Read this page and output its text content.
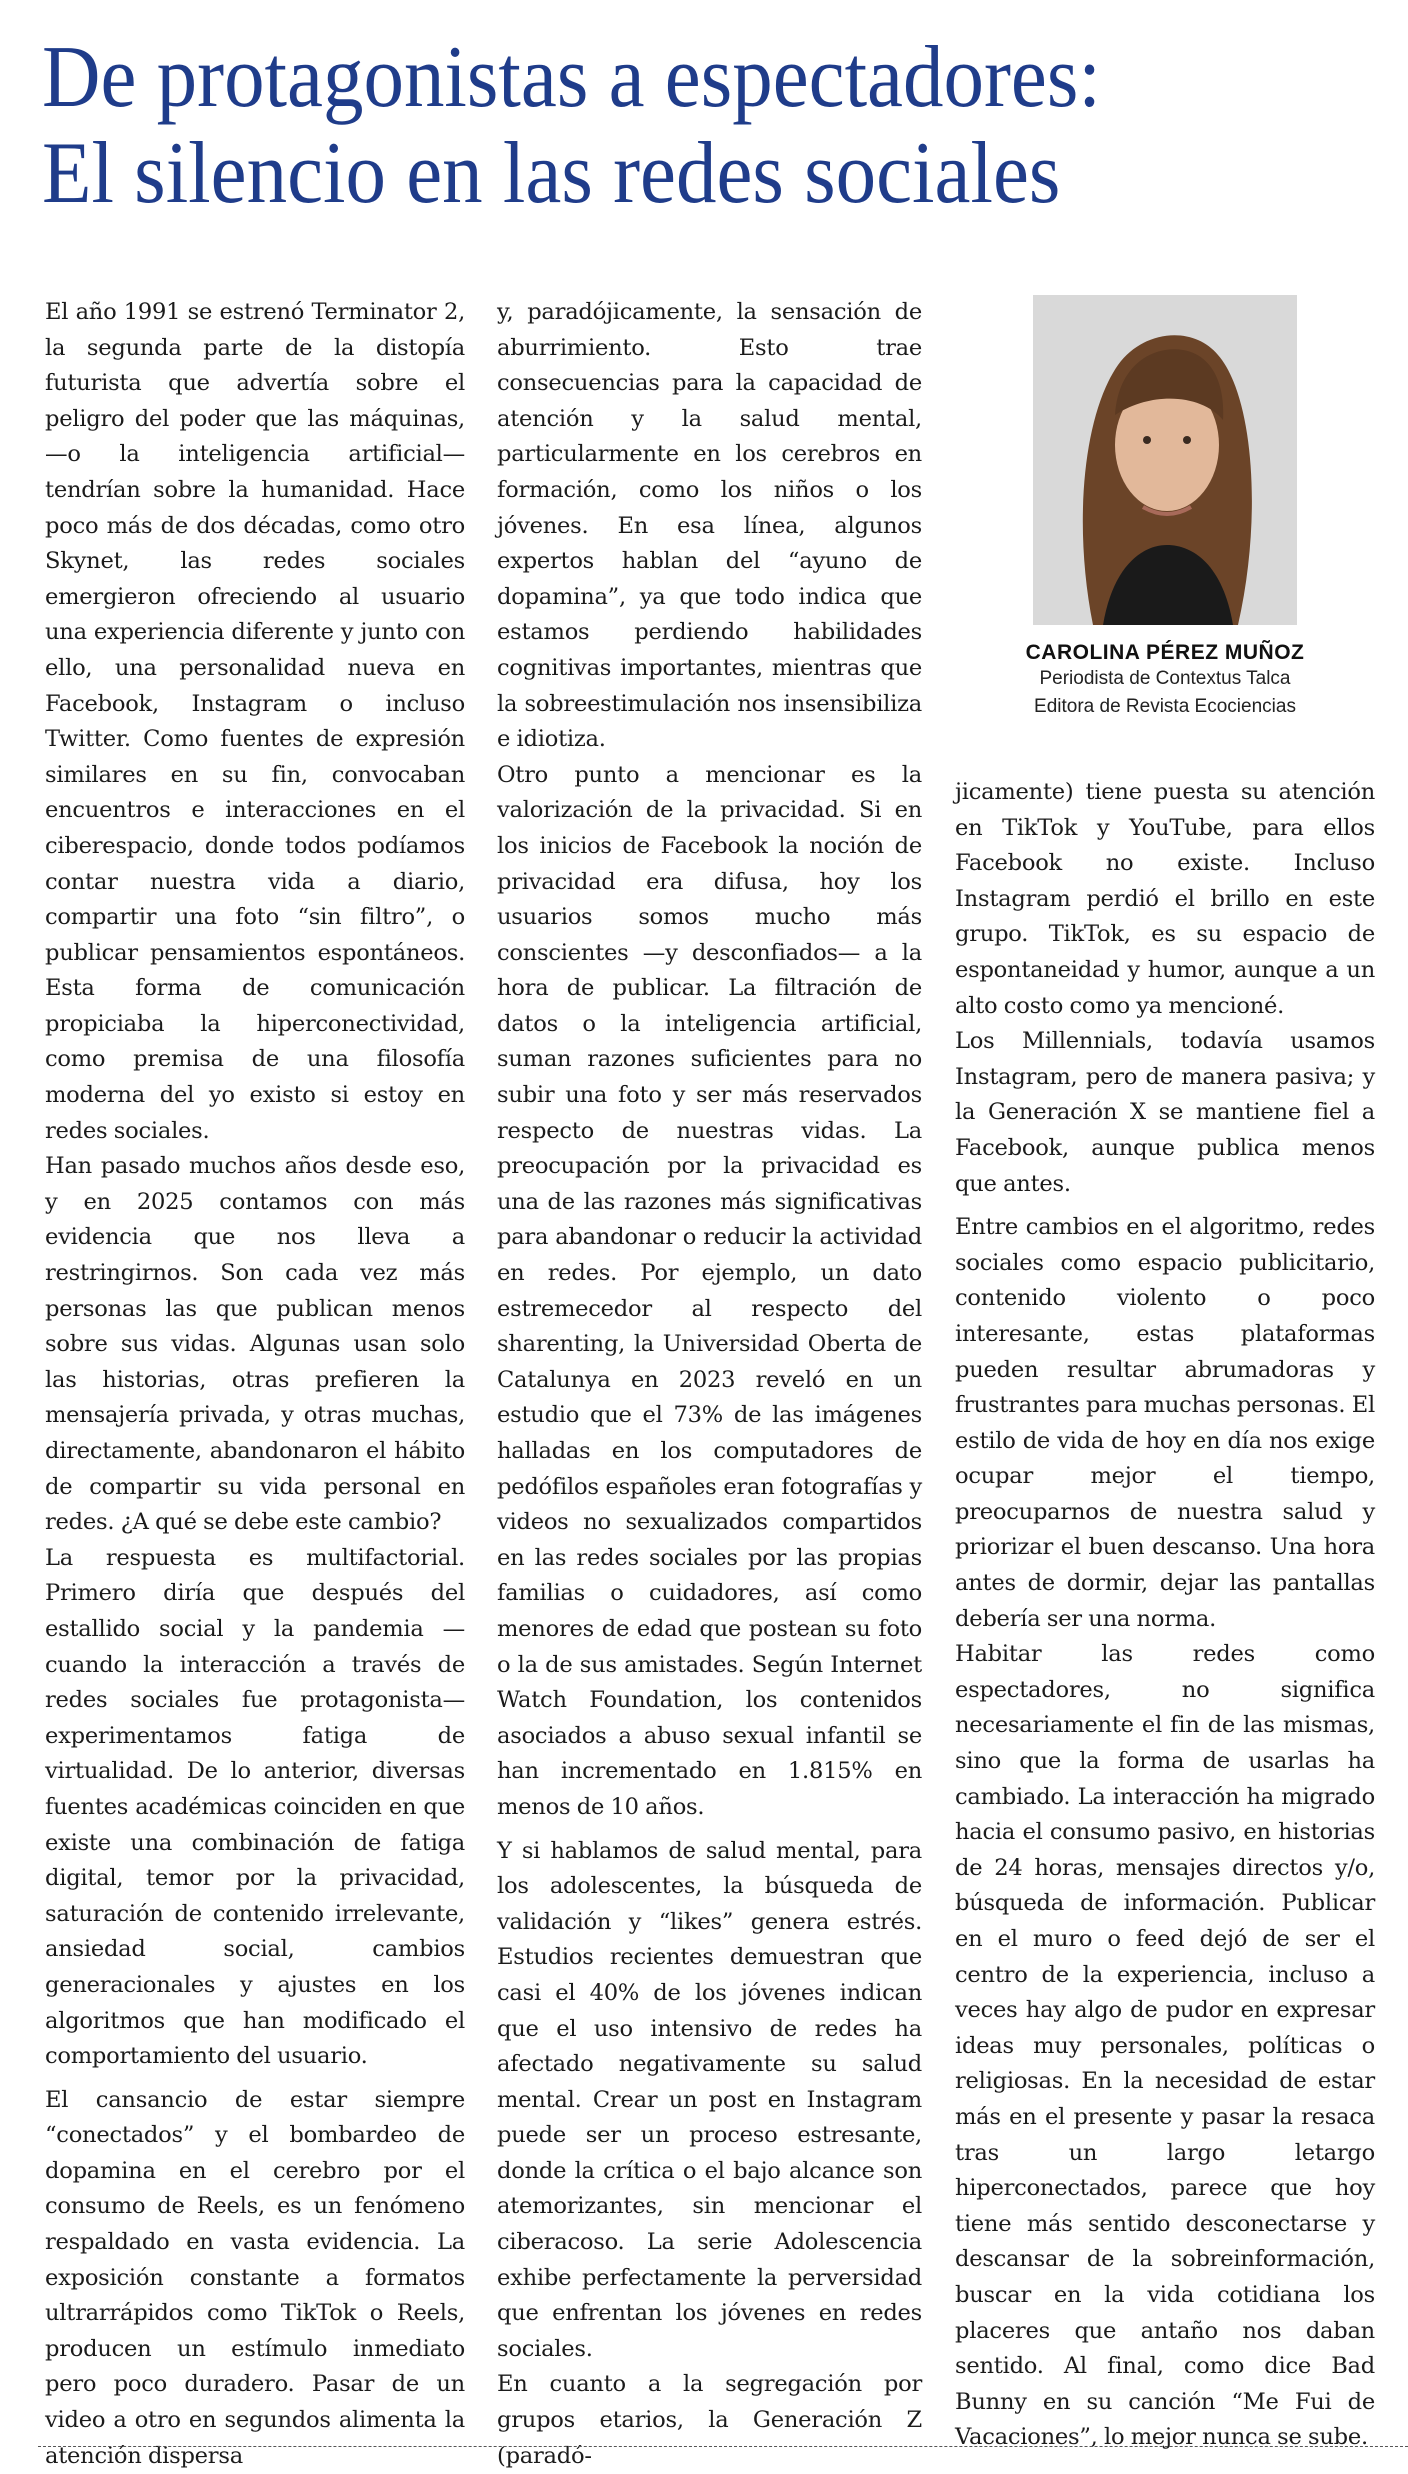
De protagonistas a espectadores:
El silencio en las redes sociales

El año 1991 se estrenó Terminator 2, la segunda parte de la distopía futurista que advertía sobre el peligro del poder que las máquinas, —o la inteligencia artificial— tendrían sobre la humanidad. Hace poco más de dos décadas, como otro Skynet, las redes sociales emergieron ofreciendo al usuario una experiencia diferente y junto con ello, una personalidad nueva en Facebook, Instagram o incluso Twitter. Como fuentes de expresión similares en su fin, convocaban encuentros e interacciones en el ciberespacio, donde todos podíamos contar nuestra vida a diario, compartir una foto “sin filtro”, o publicar pensamientos espontáneos. Esta forma de comunicación propiciaba la hiperconectividad, como premisa de una filosofía moderna del yo existo si estoy en redes sociales.

Han pasado muchos años desde eso, y en 2025 contamos con más evidencia que nos lleva a restringirnos. Son cada vez más personas las que publican menos sobre sus vidas. Algunas usan solo las historias, otras prefieren la mensajería privada, y otras muchas, directamente, abandonaron el hábito de compartir su vida personal en redes. ¿A qué se debe este cambio?

La respuesta es multifactorial. Primero diría que después del estallido social y la pandemia —cuando la interacción a través de redes sociales fue protagonista— experimentamos fatiga de virtualidad. De lo anterior, diversas fuentes académicas coinciden en que existe una combinación de fatiga digital, temor por la privacidad, saturación de contenido irrelevante, ansiedad social, cambios generacionales y ajustes en los algoritmos que han modificado el comportamiento del usuario.

El cansancio de estar siempre “conectados” y el bombardeo de dopamina en el cerebro por el consumo de Reels, es un fenómeno respaldado en vasta evidencia. La exposición constante a formatos ultrarrápidos como TikTok o Reels, producen un estímulo inmediato pero poco duradero. Pasar de un video a otro en segundos alimenta la atención dispersa

y, paradójicamente, la sensación de aburrimiento. Esto trae consecuencias para la capacidad de atención y la salud mental, particularmente en los cerebros en formación, como los niños o los jóvenes. En esa línea, algunos expertos hablan del “ayuno de dopamina”, ya que todo indica que estamos perdiendo habilidades cognitivas importantes, mientras que la sobreestimulación nos insensibiliza e idiotiza.

Otro punto a mencionar es la valorización de la privacidad. Si en los inicios de Facebook la noción de privacidad era difusa, hoy los usuarios somos mucho más conscientes —y desconfiados— a la hora de publicar. La filtración de datos o la inteligencia artificial, suman razones suficientes para no subir una foto y ser más reservados respecto de nuestras vidas. La preocupación por la privacidad es una de las razones más significativas para abandonar o reducir la actividad en redes. Por ejemplo, un dato estremecedor al respecto del sharenting, la Universidad Oberta de Catalunya en 2023 reveló en un estudio que el 73% de las imágenes halladas en los computadores de pedófilos españoles eran fotografías y videos no sexualizados compartidos en las redes sociales por las propias familias o cuidadores, así como menores de edad que postean su foto o la de sus amistades. Según Internet Watch Foundation, los contenidos asociados a abuso sexual infantil se han incrementado en 1.815% en menos de 10 años.

Y si hablamos de salud mental, para los adolescentes, la búsqueda de validación y “likes” genera estrés. Estudios recientes demuestran que casi el 40% de los jóvenes indican que el uso intensivo de redes ha afectado negativamente su salud mental. Crear un post en Instagram puede ser un proceso estresante, donde la crítica o el bajo alcance son atemorizantes, sin mencionar el ciberacoso. La serie Adolescencia exhibe perfectamente la perversidad que enfrentan los jóvenes en redes sociales.

En cuanto a la segregación por grupos etarios, la Generación Z (paradó-

CAROLINA PÉREZ MUÑOZ
Periodista de Contextus Talca
Editora de Revista Ecociencias

jicamente) tiene puesta su atención en TikTok y YouTube, para ellos Facebook no existe. Incluso Instagram perdió el brillo en este grupo. TikTok, es su espacio de espontaneidad y humor, aunque a un alto costo como ya mencioné.

Los Millennials, todavía usamos Instagram, pero de manera pasiva; y la Generación X se mantiene fiel a Facebook, aunque publica menos que antes.

Entre cambios en el algoritmo, redes sociales como espacio publicitario, contenido violento o poco interesante, estas plataformas pueden resultar abrumadoras y frustrantes para muchas personas. El estilo de vida de hoy en día nos exige ocupar mejor el tiempo, preocuparnos de nuestra salud y priorizar el buen descanso. Una hora antes de dormir, dejar las pantallas debería ser una norma.

Habitar las redes como espectadores, no significa necesariamente el fin de las mismas, sino que la forma de usarlas ha cambiado. La interacción ha migrado hacia el consumo pasivo, en historias de 24 horas, mensajes directos y/o, búsqueda de información. Publicar en el muro o feed dejó de ser el centro de la experiencia, incluso a veces hay algo de pudor en expresar ideas muy personales, políticas o religiosas. En la necesidad de estar más en el presente y pasar la resaca tras un largo letargo hiperconectados, parece que hoy tiene más sentido desconectarse y descansar de la sobreinformación, buscar en la vida cotidiana los placeres que antaño nos daban sentido. Al final, como dice Bad Bunny en su canción “Me Fui de Vacaciones”, lo mejor nunca se sube.
